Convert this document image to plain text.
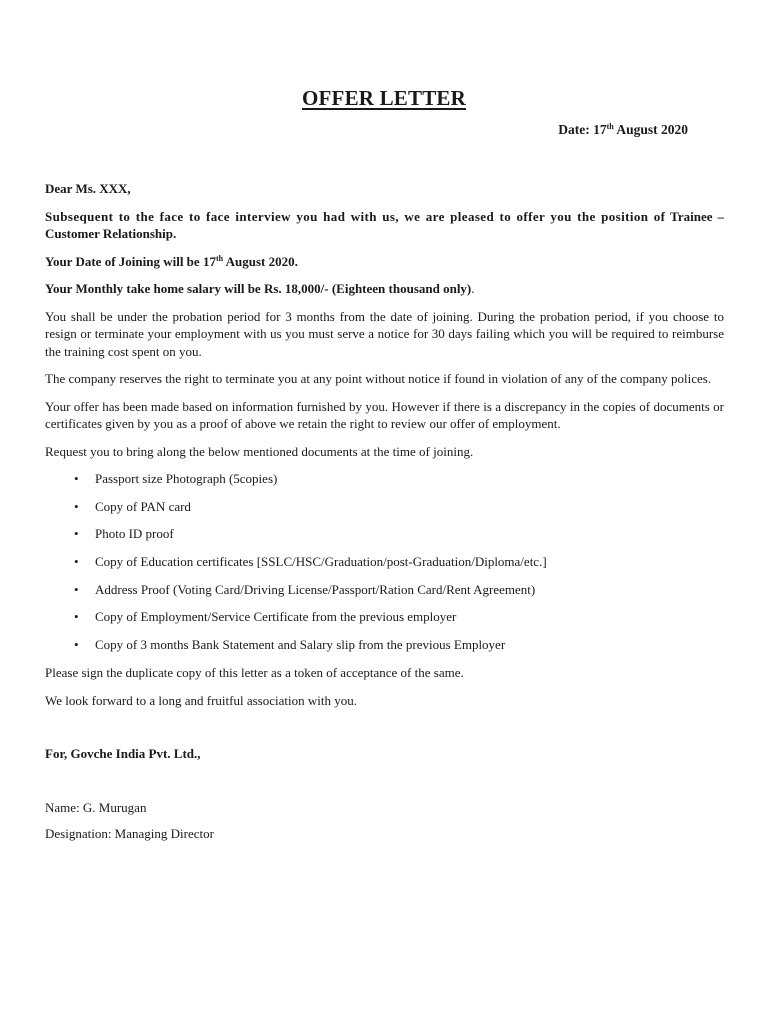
OFFER LETTER
Date: 17th August 2020

Dear Ms. XXX,

Subsequent to the face to face interview you had with us, we are pleased to offer you the position of Trainee – Customer Relationship.

Your Date of Joining will be 17th August 2020.

Your Monthly take home salary will be Rs. 18,000/- (Eighteen thousand only).

You shall be under the probation period for 3 months from the date of joining. During the probation period, if you choose to resign or terminate your employment with us you must serve a notice for 30 days failing which you will be required to reimburse the training cost spent on you.

The company reserves the right to terminate you at any point without notice if found in violation of any of the company polices.

Your offer has been made based on information furnished by you. However if there is a discrepancy in the copies of documents or certificates given by you as a proof of above we retain the right to review our offer of employment.

Request you to bring along the below mentioned documents at the time of joining.

• Passport size Photograph (5copies)
• Copy of PAN card
• Photo ID proof
• Copy of Education certificates [SSLC/HSC/Graduation/post-Graduation/Diploma/etc.]
• Address Proof (Voting Card/Driving License/Passport/Ration Card/Rent Agreement)
• Copy of Employment/Service Certificate from the previous employer
• Copy of 3 months Bank Statement and Salary slip from the previous Employer

Please sign the duplicate copy of this letter as a token of acceptance of the same.

We look forward to a long and fruitful association with you.

For, Govche India Pvt. Ltd.,
Name: G. Murugan
Designation: Managing Director
